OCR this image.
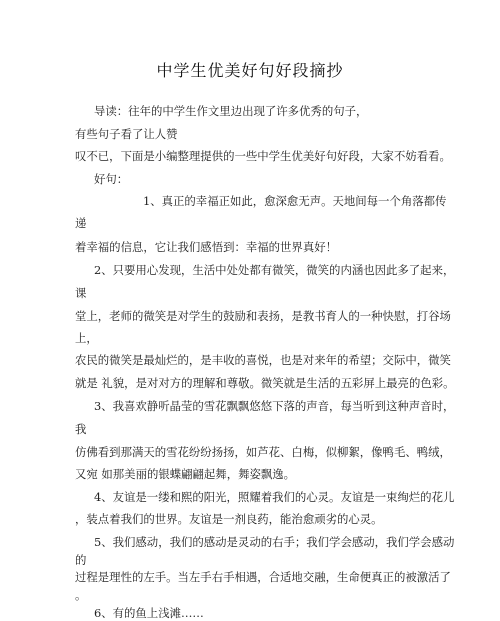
中学生优美好句好段摘抄
导读：往年的中学生作文里边出现了许多优秀的句子，
有些句子看了让人赞
叹不已，下面是小编整理提供的一些中学生优美好句好段，大家不妨看看。
好句：
1、真正的幸福正如此，愈深愈无声。天地间每一个角落都传
递
着幸福的信息，它让我们感悟到：幸福的世界真好！
2、只要用心发现，生活中处处都有微笑，微笑的内涵也因此多了起来，
课
堂上，老师的微笑是对学生的鼓励和表扬，是教书育人的一种快慰，打谷场
上，
农民的微笑是最灿烂的，是丰收的喜悦，也是对来年的希望；交际中，微笑
就是 礼貌，是对对方的理解和尊敬。微笑就是生活的五彩屏上最亮的色彩。
3、我喜欢静听晶莹的雪花飘飘悠悠下落的声音，每当听到这种声音时，
我
仿佛看到那满天的雪花纷纷扬扬，如芦花、白梅，似柳絮，像鸭毛、鸭绒，
又宛 如那美丽的银蝶翩翩起舞，舞姿飘逸。
4、友谊是一缕和熙的阳光，照耀着我们的心灵。友谊是一束绚烂的花儿
，装点着我们的世界。友谊是一剂良药，能治愈顽劣的心灵。
5、我们感动，我们的感动是灵动的右手；我们学会感动，我们学会感动
的
过程是理性的左手。当左手右手相遇，合适地交融，生命便真正的被激活了
。
6、有的鱼上浅滩……
